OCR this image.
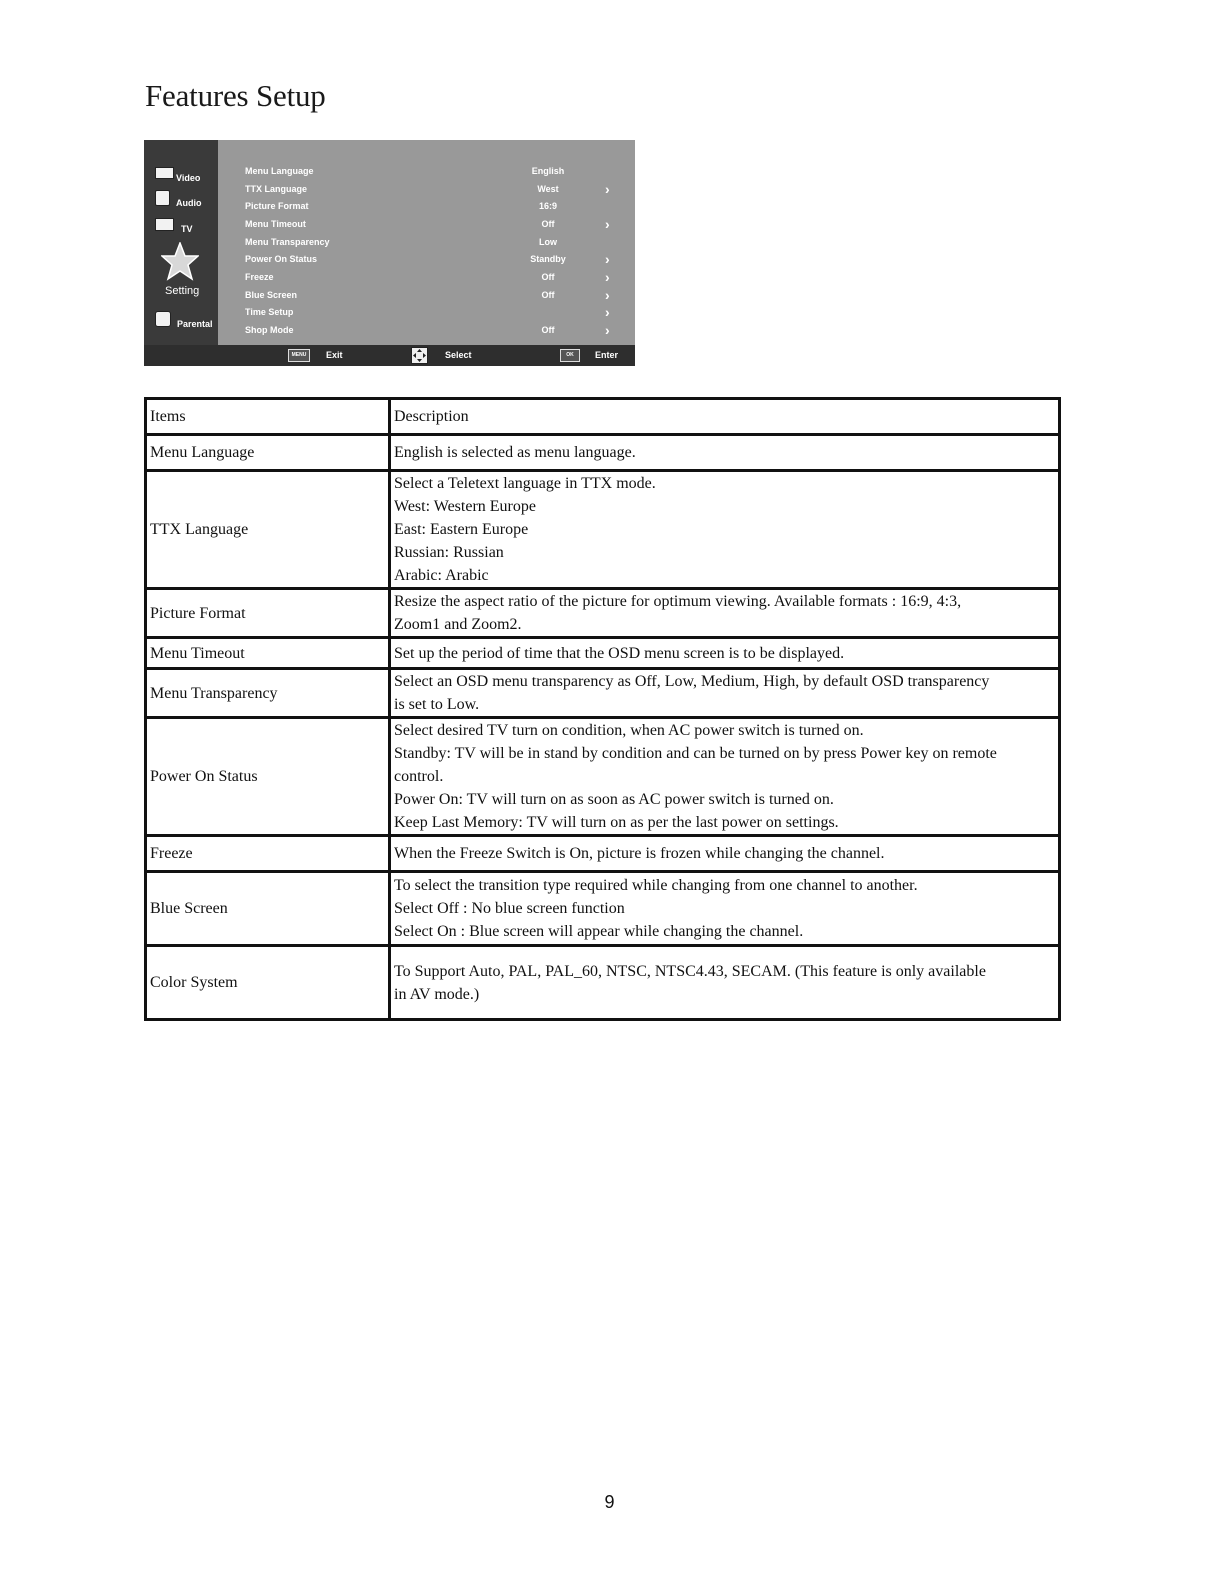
Features Setup
Video
Audio
TV
Setting
Parental
Menu Language	English
TTX Language	West	›
Picture Format	16:9
Menu Timeout	Off	›
Menu Transparency	Low
Power On Status	Standby	›
Freeze	Off	›
Blue Screen	Off	›
Time Setup	›
Shop Mode	Off	›
MENU	Exit	Select	OK	Enter
Items	Description
Menu Language	English is selected as menu language.

TTX Language	Select a Teletext language in TTX mode.
West: Western Europe
East: Eastern Europe
Russian: Russian
Arabic: Arabic

Picture Format	Resize the aspect ratio of the picture for optimum viewing. Available formats : 16:9, 4:3,
Zoom1 and Zoom2.

Menu Timeout	Set up the period of time that the OSD menu screen is to be displayed.

Menu Transparency	Select an OSD menu transparency as Off, Low, Medium, High, by default OSD transparency
is set to Low.

Power On Status	Select desired TV turn on condition, when AC power switch is turned on.
Standby: TV will be in stand by condition and can be turned on by press Power key on remote
control.
Power On: TV will turn on as soon as AC power switch is turned on.
Keep Last Memory: TV will turn on as per the last power on settings.

Freeze	When the Freeze Switch is On, picture is frozen while changing the channel.

Blue Screen	To select the transition type required while changing from one channel to another.
Select Off : No blue screen function
Select On : Blue screen will appear while changing the channel.

Color System	To Support Auto, PAL, PAL_60, NTSC, NTSC4.43, SECAM. (This feature is only available
in AV mode.)
9
